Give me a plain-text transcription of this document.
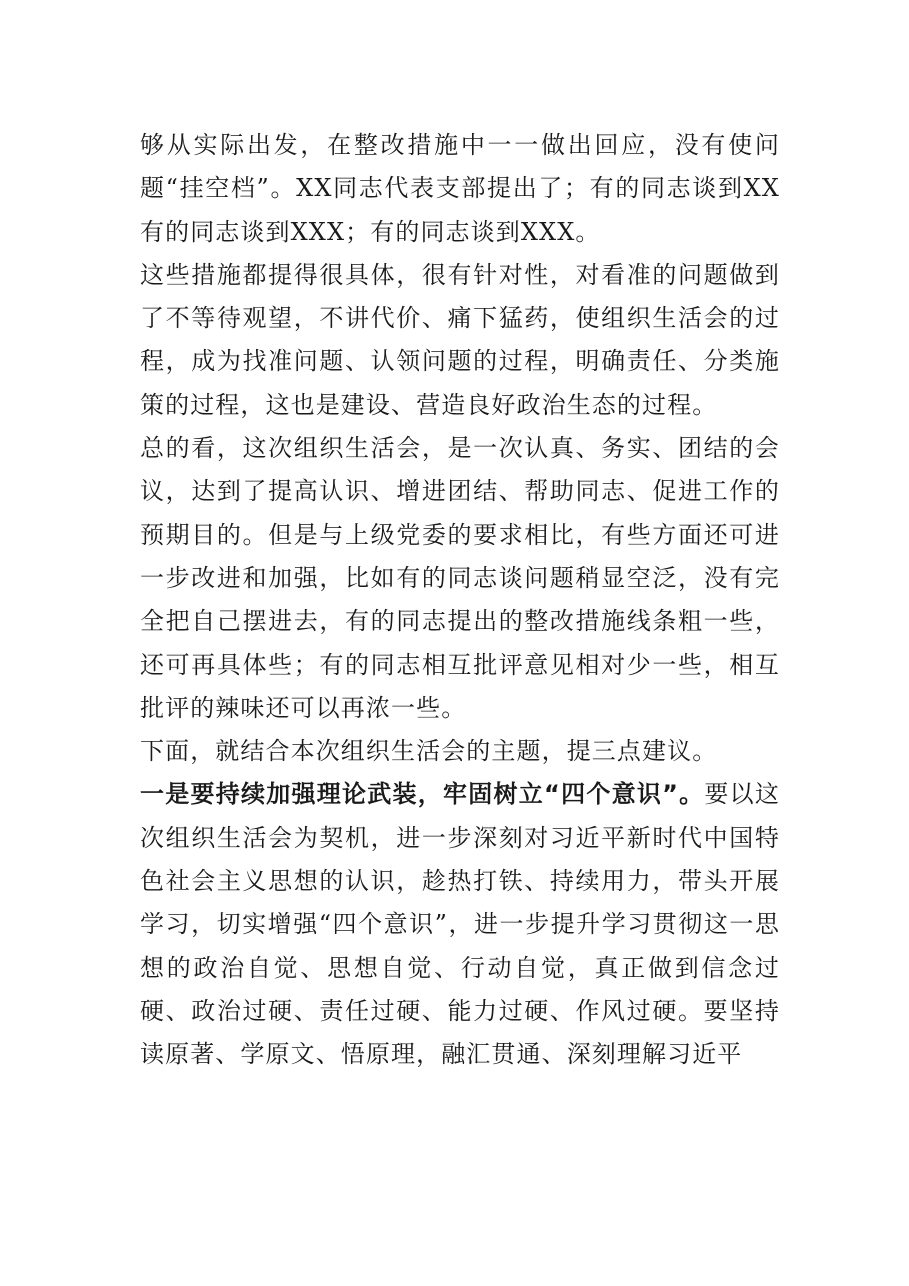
够从实际出发，在整改措施中一一做出回应，没有使问题“挂空档”。XX同志代表支部提出了；有的同志谈到XX有的同志谈到XXX；有的同志谈到XXX。

这些措施都提得很具体，很有针对性，对看准的问题做到了不等待观望，不讲代价、痛下猛药，使组织生活会的过程，成为找准问题、认领问题的过程，明确责任、分类施策的过程，这也是建设、营造良好政治生态的过程。

总的看，这次组织生活会，是一次认真、务实、团结的会议，达到了提高认识、增进团结、帮助同志、促进工作的预期目的。但是与上级党委的要求相比，有些方面还可进一步改进和加强，比如有的同志谈问题稍显空泛，没有完全把自己摆进去，有的同志提出的整改措施线条粗一些，还可再具体些；有的同志相互批评意见相对少一些，相互批评的辣味还可以再浓一些。

下面，就结合本次组织生活会的主题，提三点建议。

一是要持续加强理论武装，牢固树立“四个意识”。要以这次组织生活会为契机，进一步深刻对习近平新时代中国特色社会主义思想的认识，趁热打铁、持续用力，带头开展学习，切实增强“四个意识”，进一步提升学习贯彻这一思想的政治自觉、思想自觉、行动自觉，真正做到信念过硬、政治过硬、责任过硬、能力过硬、作风过硬。要坚持读原著、学原文、悟原理，融汇贯通、深刻理解习近平
